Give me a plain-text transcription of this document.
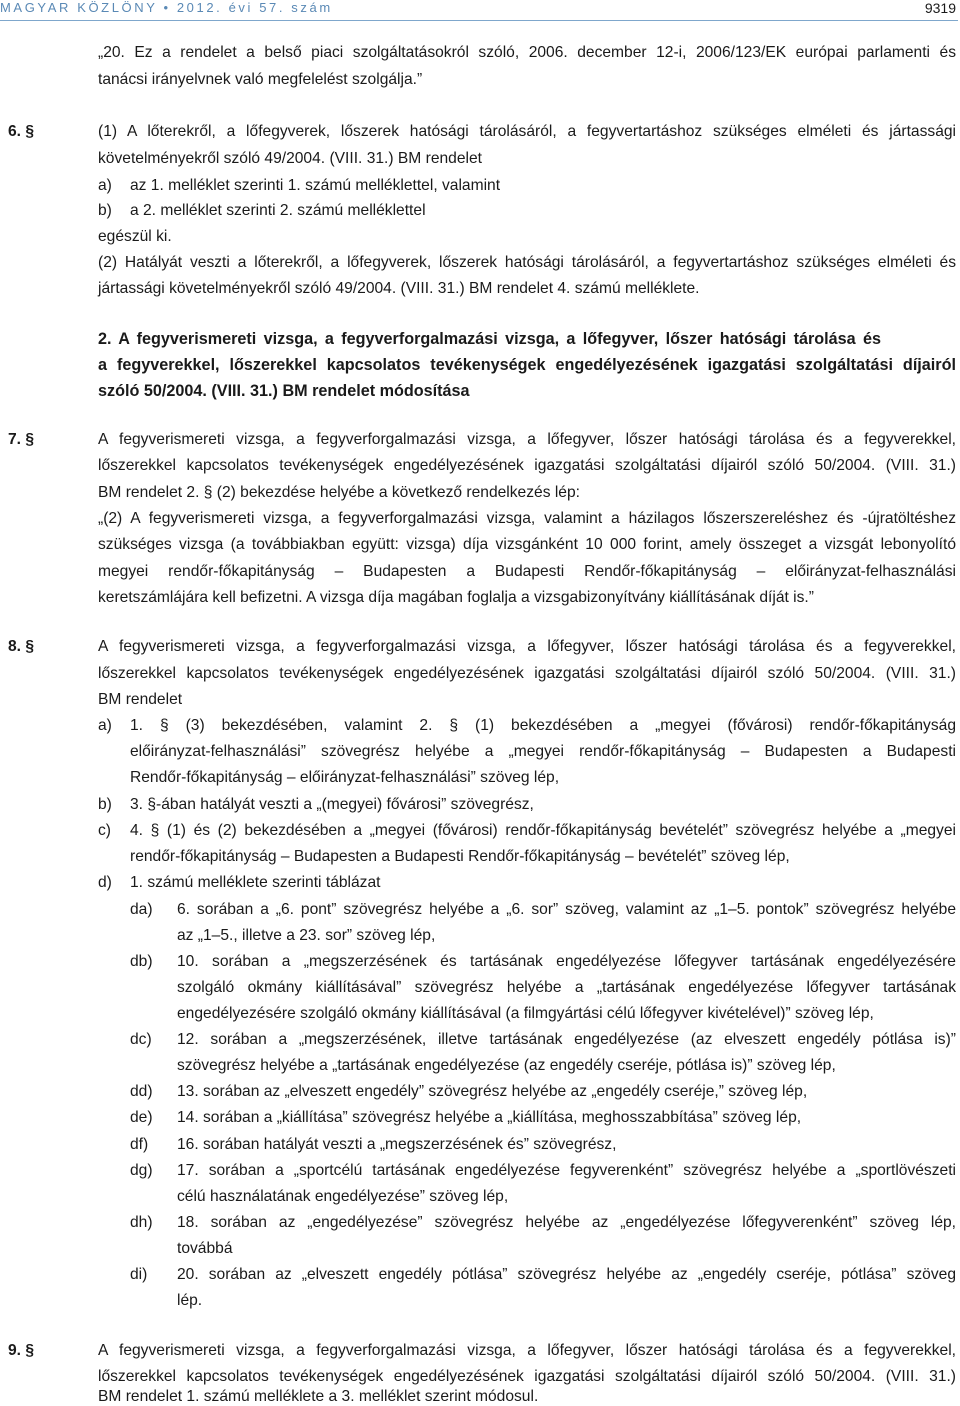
MAGYAR KÖZLÖNY • 2012. évi 57. szám	9319
„20. Ez a rendelet a belső piaci szolgáltatásokról szóló, 2006. december 12-i, 2006/123/EK európai parlamenti és
tanácsi irányelvnek való megfelelést szolgálja.”
6. §	(1) A lőterekről, a lőfegyverek, lőszerek hatósági tárolásáról, a fegyvertartáshoz szükséges elméleti és jártassági
követelményekről szóló 49/2004. (VIII. 31.) BM rendelet
a) az 1. melléklet szerinti 1. számú melléklettel, valamint
b) a 2. melléklet szerinti 2. számú melléklettel
egészül ki.
(2) Hatályát veszti a lőterekről, a lőfegyverek, lőszerek hatósági tárolásáról, a fegyvertartáshoz szükséges elméleti és
jártassági követelményekről szóló 49/2004. (VIII. 31.) BM rendelet 4. számú melléklete.
2. A fegyverismereti vizsga, a fegyverforgalmazási vizsga, a lőfegyver, lőszer hatósági tárolása és
a fegyverekkel, lőszerekkel kapcsolatos tevékenységek engedélyezésének igazgatási szolgáltatási díjairól
szóló 50/2004. (VIII. 31.) BM rendelet módosítása
7. §	A fegyverismereti vizsga, a fegyverforgalmazási vizsga, a lőfegyver, lőszer hatósági tárolása és a fegyverekkel,
lőszerekkel kapcsolatos tevékenységek engedélyezésének igazgatási szolgáltatási díjairól szóló 50/2004. (VIII. 31.)
BM rendelet 2. § (2) bekezdése helyébe a következő rendelkezés lép:
„(2) A fegyverismereti vizsga, a fegyverforgalmazási vizsga, valamint a házilagos lőszerszereléshez és -újratöltéshez
szükséges vizsga (a továbbiakban együtt: vizsga) díja vizsgánként 10 000 forint, amely összeget a vizsgát lebonyolító
megyei rendőr-főkapitányság – Budapesten a Budapesti Rendőr-főkapitányság – előirányzat-felhasználási
keretszámlájára kell befizetni. A vizsga díja magában foglalja a vizsgabizonyítvány kiállításának díját is.”
8. §	A fegyverismereti vizsga, a fegyverforgalmazási vizsga, a lőfegyver, lőszer hatósági tárolása és a fegyverekkel,
lőszerekkel kapcsolatos tevékenységek engedélyezésének igazgatási szolgáltatási díjairól szóló 50/2004. (VIII. 31.)
BM rendelet
a) 1. § (3) bekezdésében, valamint 2. § (1) bekezdésében a „megyei (fővárosi) rendőr-főkapitányság
előirányzat-felhasználási” szövegrész helyébe a „megyei rendőr-főkapitányság – Budapesten a Budapesti
Rendőr-főkapitányság – előirányzat-felhasználási” szöveg lép,
b) 3. §-ában hatályát veszti a „(megyei) fővárosi” szövegrész,
c) 4. § (1) és (2) bekezdésében a „megyei (fővárosi) rendőr-főkapitányság bevételét” szövegrész helyébe a „megyei
rendőr-főkapitányság – Budapesten a Budapesti Rendőr-főkapitányság – bevételét” szöveg lép,
d) 1. számú melléklete szerinti táblázat
da) 6. sorában a „6. pont” szövegrész helyébe a „6. sor” szöveg, valamint az „1–5. pontok” szövegrész helyébe
az „1–5., illetve a 23. sor” szöveg lép,
db) 10. sorában a „megszerzésének és tartásának engedélyezése lőfegyver tartásának engedélyezésére
szolgáló okmány kiállításával” szövegrész helyébe a „tartásának engedélyezése lőfegyver tartásának
engedélyezésére szolgáló okmány kiállításával (a filmgyártási célú lőfegyver kivételével)” szöveg lép,
dc) 12. sorában a „megszerzésének, illetve tartásának engedélyezése (az elveszett engedély pótlása is)”
szövegrész helyébe a „tartásának engedélyezése (az engedély cseréje, pótlása is)” szöveg lép,
dd) 13. sorában az „elveszett engedély” szövegrész helyébe az „engedély cseréje,” szöveg lép,
de) 14. sorában a „kiállítása” szövegrész helyébe a „kiállítása, meghosszabbítása” szöveg lép,
df) 16. sorában hatályát veszti a „megszerzésének és” szövegrész,
dg) 17. sorában a „sportcélú tartásának engedélyezése fegyverenként” szövegrész helyébe a „sportlövészeti
célú használatának engedélyezése” szöveg lép,
dh) 18. sorában az „engedélyezése” szövegrész helyébe az „engedélyezése lőfegyverenként” szöveg lép,
továbbá
di) 20. sorában az „elveszett engedély pótlása” szövegrész helyébe az „engedély cseréje, pótlása” szöveg
lép.
9. §	A fegyverismereti vizsga, a fegyverforgalmazási vizsga, a lőfegyver, lőszer hatósági tárolása és a fegyverekkel,
lőszerekkel kapcsolatos tevékenységek engedélyezésének igazgatási szolgáltatási díjairól szóló 50/2004. (VIII. 31.)
BM rendelet 1. számú melléklete a 3. melléklet szerint módosul.
